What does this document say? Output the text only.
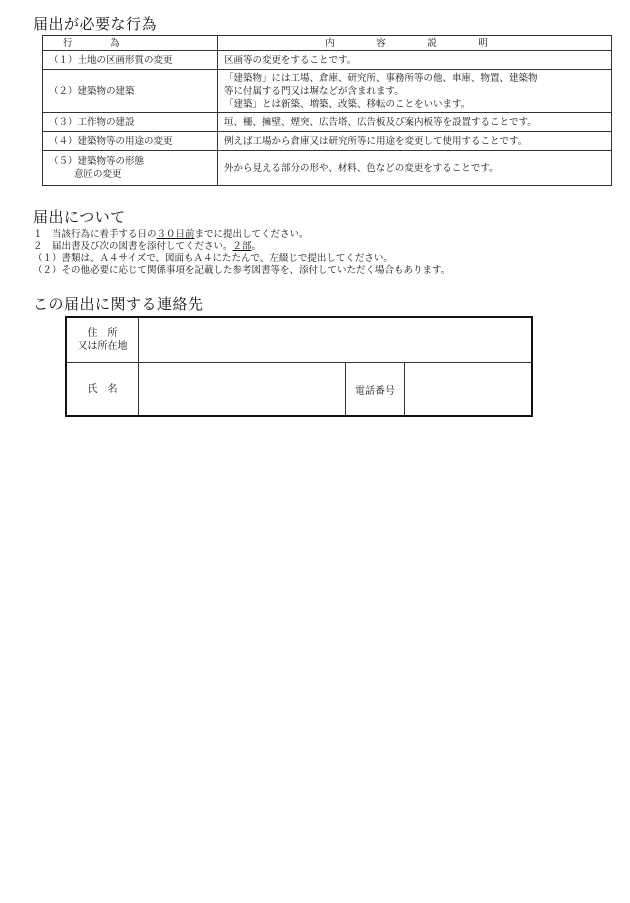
届出が必要な行為
行　為	内　容　説　明
（１）土地の区画形質の変更	区画等の変更をすることです。
（２）建築物の建築	「建築物」には工場、倉庫、研究所、事務所等の他、車庫、物置、建築物
等に付属する門又は塀などが含まれます。
「建築」とは新築、増築、改築、移転のことをいいます。

（３）工作物の建設	垣、柵、擁壁、煙突、広告塔、広告板及び案内板等を設置することです。
（４）建築物等の用途の変更	例えば工場から倉庫又は研究所等に用途を変更して使用することです。
（５）建築物等の形態
意匠の変更	外から見える部分の形や、材料、色などの変更をすることです。
届出について
１　当該行為に着手する日の３０日前までに提出してください。
２　届出書及び次の図書を添付してください。２部。
（１）書類は、Ａ４サイズで、図面もＡ４にたたんで、左綴じで提出してください。
（２）その他必要に応じて関係事項を記載した参考図書等を、添付していただく場合もあります。
この届出に関する連絡先
住　所
又は所在地			

氏　名		電話番号	
